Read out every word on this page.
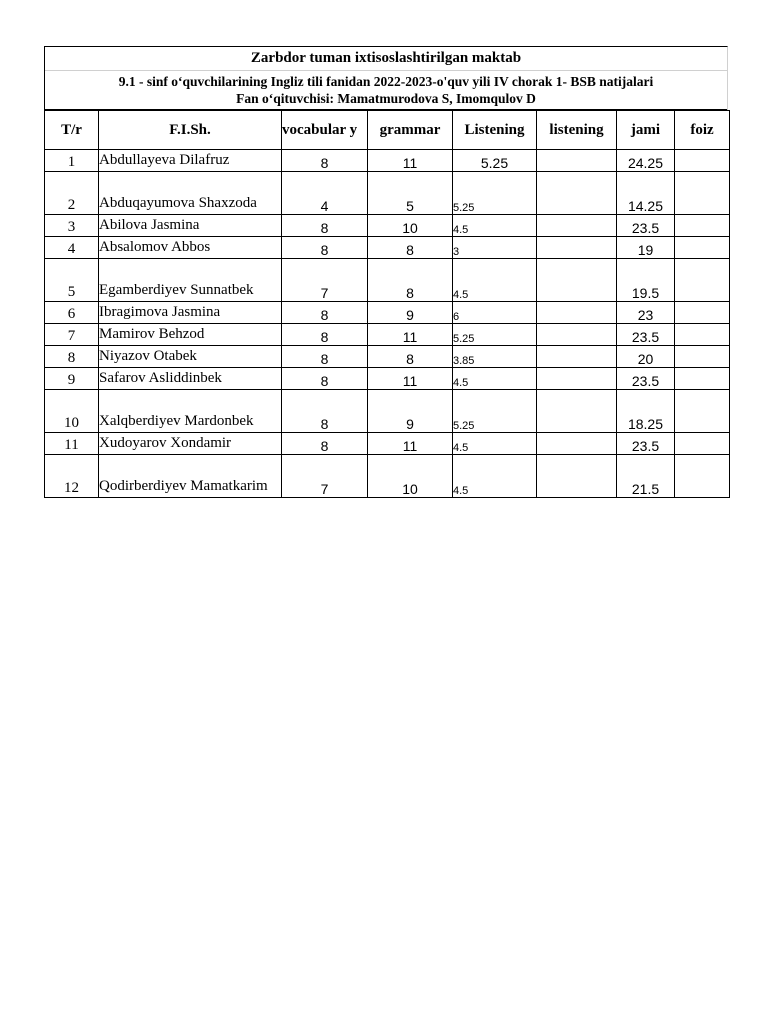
Zarbdor tuman ixtisoslashtirilgan maktab
9.1 - sinf o‘quvchilarining Ingliz tili fanidan 2022-2023-o'quv yili IV chorak 1- BSB natijalari
Fan o‘qituvchisi: Mamatmurodova S, Imomqulov D
T/r	F.I.Sh.	vocabular y	grammar	Listening	listening	jami	foiz
1	Abdullayeva Dilafruz	8	11	5.25		24.25	
2	Abduqayumova Shaxzoda	4	5	5.25		14.25	
3	Abilova Jasmina	8	10	4.5		23.5	
4	Absalomov Abbos	8	8	3		19	
5	Egamberdiyev Sunnatbek	7	8	4.5		19.5	
6	Ibragimova Jasmina	8	9	6		23	
7	Mamirov Behzod	8	11	5.25		23.5	
8	Niyazov Otabek	8	8	3.85		20	
9	Safarov Asliddinbek	8	11	4.5		23.5	
10	Xalqberdiyev Mardonbek	8	9	5.25		18.25	
11	Xudoyarov Xondamir	8	11	4.5		23.5	
12	Qodirberdiyev Mamatkarim	7	10	4.5		21.5	
